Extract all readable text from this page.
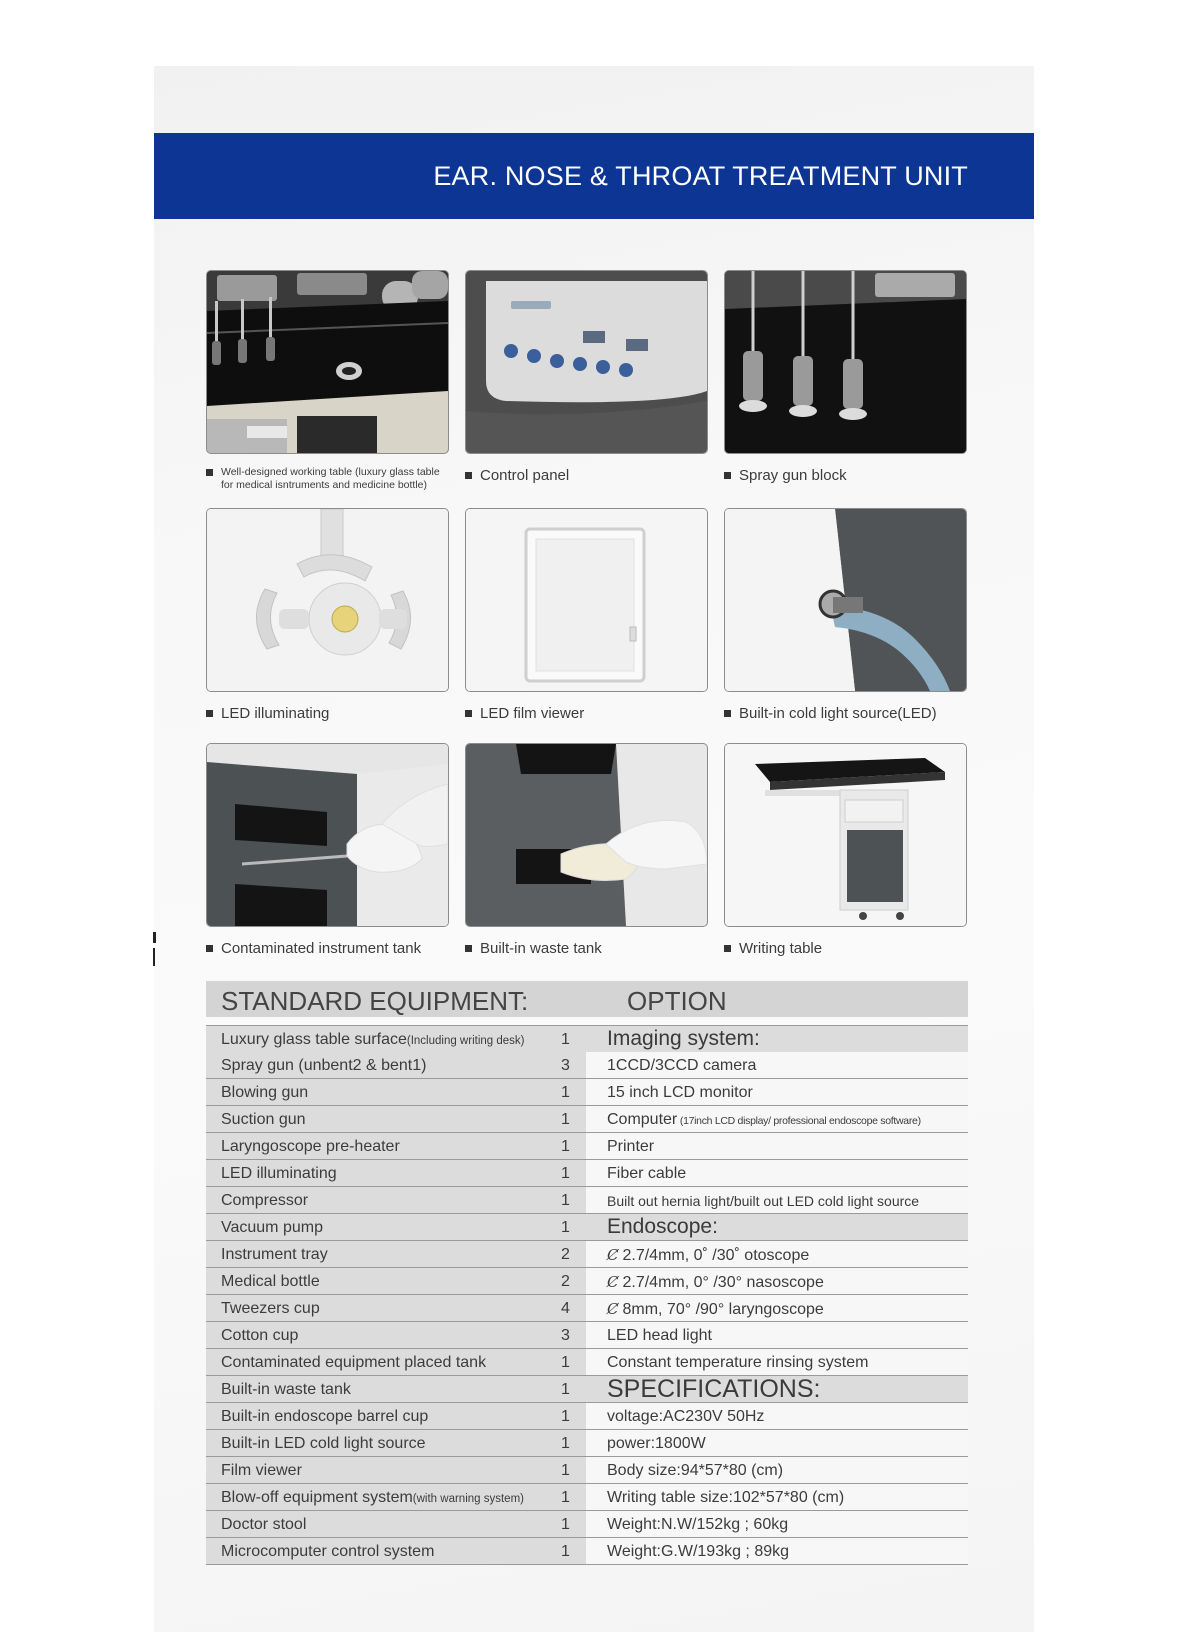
EAR. NOSE & THROAT TREATMENT UNIT
Well-designed working table (luxury glass table
for medical isntruments and medicine bottle)
Control panel	Spray gun block
LED illuminating	LED film viewer	Built-in cold light source(LED)
Contaminated instrument tank	Built-in waste tank	Writing table
STANDARD EQUIPMENT:	OPTION
Luxury glass table surface(Including writing desk) 1 Imaging system:
Spray gun (unbent2 & bent1)	3 1CCD/3CCD camera
Blowing gun	1 15 inch LCD monitor
Suction gun	1 Computer (17inch LCD display/ professional endoscope software)
Laryngoscope pre-heater	1 Printer
LED illuminating	1 Fiber cable
Compressor	1	Built out hernia light/built out LED cold light source
Vacuum pump	1 Endoscope:
Instrument tray	2 Ȼ 2.7/4mm, 0˚ /30˚ otoscope
Medical bottle	2 Ȼ 2.7/4mm, 0° /30° nasoscope
Tweezers cup	4 Ȼ 8mm, 70° /90° laryngoscope
Cotton cup	3 LED head light
Contaminated equipment placed tank	1 Constant temperature rinsing system
Built-in waste tank	1 SPECIFICATIONS:
Built-in endoscope barrel cup	1 voltage:AC230V 50Hz
Built-in LED cold light source	1 power:1800W
Film viewer	1 Body size:94*57*80 (cm)
Blow-off equipment system(with warning system) 1 Writing table size:102*57*80 (cm)
Doctor stool	1 Weight:N.W/152kg ; 60kg
Microcomputer control system	1 Weight:G.W/193kg ; 89kg
